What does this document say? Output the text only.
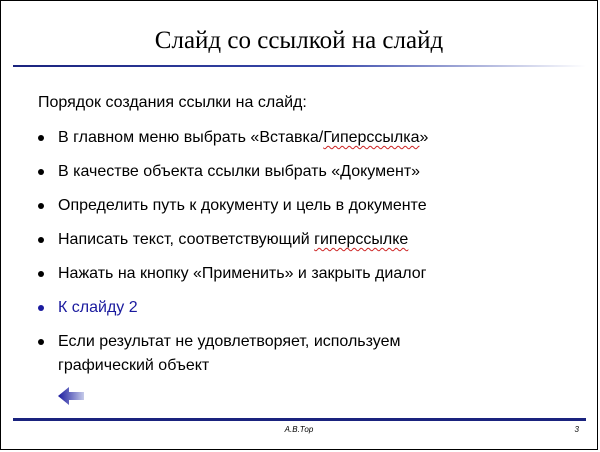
Слайд со ссылкой на слайд
Порядок создания ссылки на слайд:
В главном меню выбрать «Вставка/Гиперссылка»
В качестве объекта ссылки выбрать «Документ»
Определить путь к документу и цель в документе
Написать текст, соответствующий гиперссылке
Нажать на кнопку «Применить» и закрыть диалог
К слайду 2
Если результат не удовлетворяет, используем
графический объект
А.В.Тор	3
